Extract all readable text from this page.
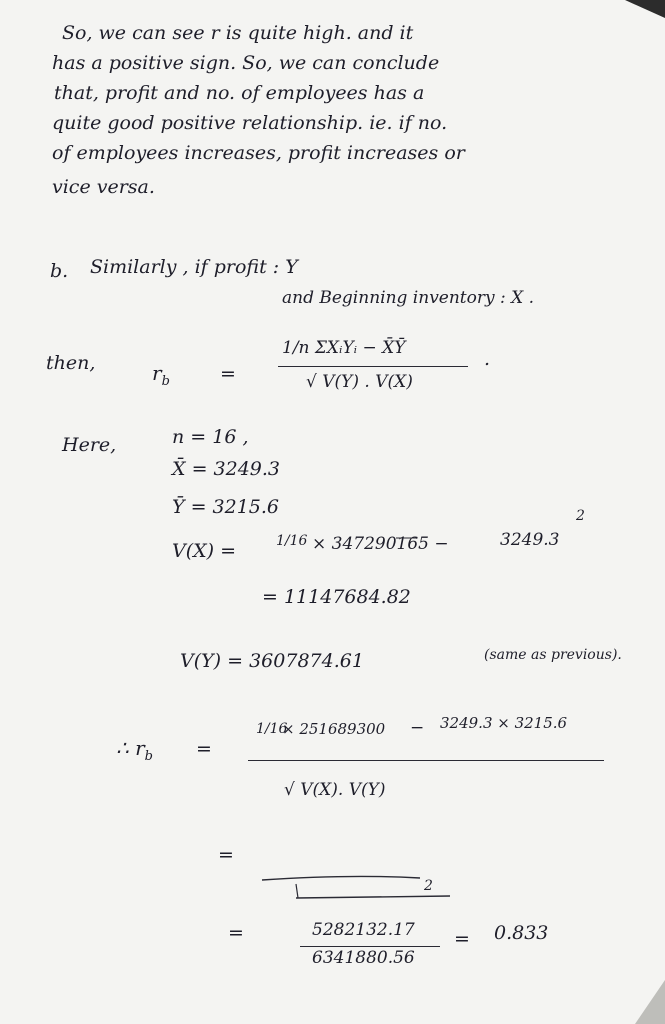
So, we can see r is quite high. and it
has a positive sign. So, we can conclude
that, profit and no. of employees has a
quite good positive relationship. ie. if no.
of employees increases, profit increases or
vice versa.
b. Similarly , if profit : Y
and Beginning inventory : X .
then,	$r_b$	=
1/n ΣXᵢYᵢ − X̄Ȳ
√ V(Y) . V(X)
.
Here,	n = 16 ,
X̄ = 3249.3
Ȳ = 3215.6
V(X) =	1/16 × 347290165 −	3249.3
2
= 11147684.82
V(Y) = 3607874.61	(same as previous).
∴ $r_b$ =
1/16
× 251689300 − 3249.3 × 3215.6
√ V(X). V(Y)
=
2
=	5282132.17
6341880.56
= 0.833
